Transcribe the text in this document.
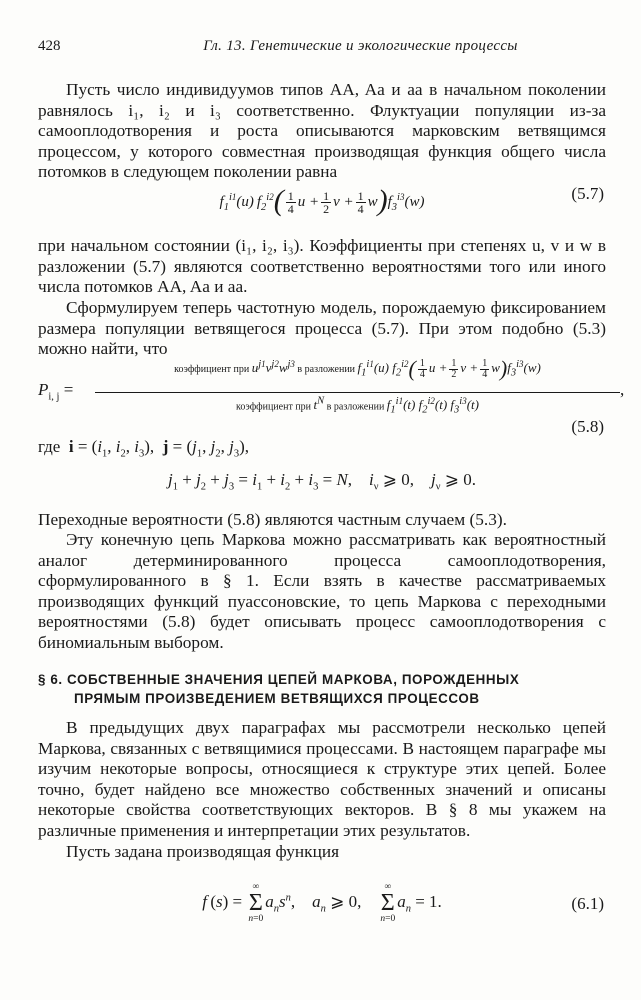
428	Гл. 13. Генетические и экологические процессы

Пусть число индивидуумов типов AA, Aa и aa в начальном поколении равнялось i₁, i₂ и i₃ соответственно. Флуктуации популяции из-за самооплодотворения и роста описываются марковским ветвящимся процессом, у которого совместная производящая функция общего числа потомков в следующем поколении равна

$f_1^{i1}(u)$ $f_2^{i2}( \frac{1}{4}$ $u + \frac{1}{2}$ $v + \frac{1}{4} w)f_3^{i3}(w)$	(5.7)

при начальном состоянии (i₁, i₂, i₃). Коэффициенты при степенях u, v и w в разложении (5.7) являются соответственно вероятностями того или иного числа потомков AA, Aa и aa.

Сформулируем теперь частотную модель, порождаемую фиксированием размера популяции ветвящегося процесса (5.7). При этом подобно (5.3) можно найти, что

$P_{i, j}$ =
коэффициент при $u^{j1}v^{j2}w^{j3}$ в разложении $f_1^{i1}(u)$ $f_2^{i2}( \frac{1}{4}$ $u + \frac{1}{2}$ $v + \frac{1}{4} w)f_3^{i3}(w)$
коэффициент при $t^N$ в разложении $f_1^{i1}(t)$ $f_2^{i2}(t)$ $f_3^{i3}(t)$
,
(5.8)
где $i = (i_1$, $i_2$, $i_3$),  $j = (j_1$, $j_2$, $j_3$),
$j_1 + j_2 + j_3 = i_1 + i_2 + i_3 = N$,    $i_\nu$ ⩾ 0,    $j_\nu$ ⩾ 0.

Переходные вероятности (5.8) являются частным случаем (5.3).

Эту конечную цепь Маркова можно рассматривать как вероятностный аналог детерминированного процесса самооплодотворения, сформулированного в § 1. Если взять в качестве рассматриваемых производящих функций пуассоновские, то цепь Маркова с переходными вероятностями (5.8) будет описывать процесс самооплодотворения с биномиальным выбором.

§ 6. СОБСТВЕННЫЕ ЗНАЧЕНИЯ ЦЕПЕЙ МАРКОВА, ПОРОЖДЕННЫХ
ПРЯМЫМ ПРОИЗВЕДЕНИЕМ ВЕТВЯЩИХСЯ ПРОЦЕССОВ

В предыдущих двух параграфах мы рассмотрели несколько цепей Маркова, связанных с ветвящимися процессами. В настоящем параграфе мы изучим некоторые вопросы, относящиеся к структуре этих цепей. Более точно, будет найдено все множество собственных значений и описаны некоторые свойства соответствующих векторов. В § 8 мы укажем на различные применения и интерпретации этих результатов.

Пусть задана производящая функция

f (s) = ∞
Σ
$n=0a_ns^n$,    $a_n$ ⩾ 0,    ∞
Σ
$n=0a_n = 1$.	(6.1)
